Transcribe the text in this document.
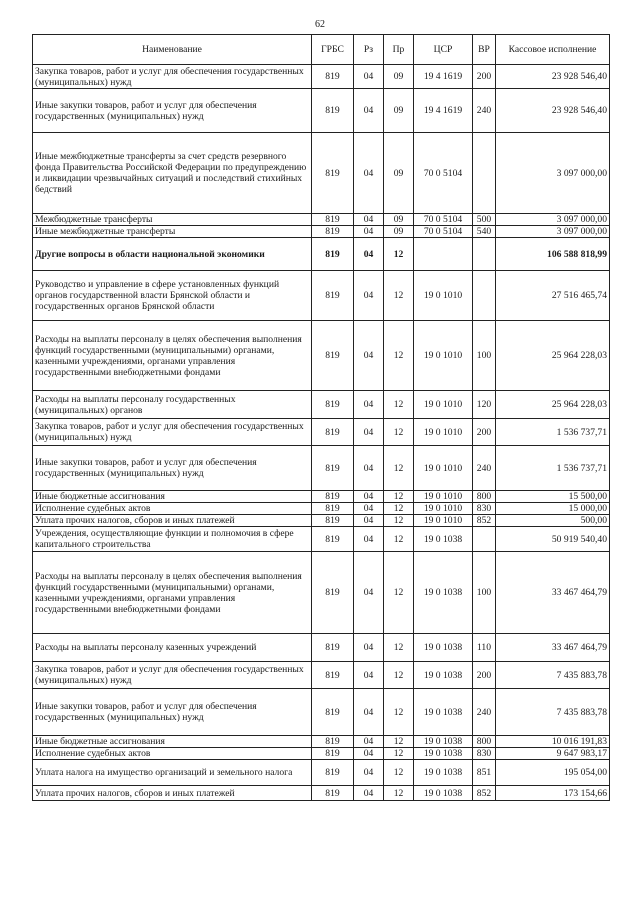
62
Наименование	ГРБС	Рз	Пр	ЦСР	ВР	Кассовое исполнение
Закупка товаров, работ и услуг для обеспечения государственных (муниципальных) нужд	819	04	09	19 4 1619	200	23 928 546,40
Иные закупки товаров, работ и услуг для обеспечения государственных (муниципальных) нужд	819	04	09	19 4 1619	240	23 928 546,40
Иные межбюджетные трансферты за счет средств резервного фонда Правительства Российской Федерации по предупреждению и ликвидации чрезвычайных ситуаций и последствий стихийных бедствий	819	04	09	70 0 5104		3 097 000,00
Межбюджетные трансферты	819	04	09	70 0 5104	500	3 097 000,00
Иные межбюджетные трансферты	819	04	09	70 0 5104	540	3 097 000,00
Другие вопросы в области национальной экономики	819	04	12			106 588 818,99
Руководство и управление в сфере установленных функций органов государственной власти Брянской области и государственных органов Брянской области	819	04	12	19 0 1010		27 516 465,74
Расходы на выплаты персоналу в целях обеспечения выполнения функций государственными (муниципальными) органами, казенными учреждениями, органами управления государственными внебюджетными фондами	819	04	12	19 0 1010	100	25 964 228,03
Расходы на выплаты персоналу государственных (муниципальных) органов	819	04	12	19 0 1010	120	25 964 228,03
Закупка товаров, работ и услуг для обеспечения государственных (муниципальных) нужд	819	04	12	19 0 1010	200	1 536 737,71
Иные закупки товаров, работ и услуг для обеспечения государственных (муниципальных) нужд	819	04	12	19 0 1010	240	1 536 737,71
Иные бюджетные ассигнования	819	04	12	19 0 1010	800	15 500,00
Исполнение судебных актов	819	04	12	19 0 1010	830	15 000,00
Уплата прочих налогов, сборов и иных платежей	819	04	12	19 0 1010	852	500,00
Учреждения, осуществляющие функции и полномочия в сфере капитального строительства	819	04	12	19 0 1038		50 919 540,40
Расходы на выплаты персоналу в целях обеспечения выполнения функций государственными (муниципальными) органами, казенными учреждениями, органами управления государственными внебюджетными фондами	819	04	12	19 0 1038	100	33 467 464,79
Расходы на выплаты персоналу казенных учреждений	819	04	12	19 0 1038	110	33 467 464,79
Закупка товаров, работ и услуг для обеспечения государственных (муниципальных) нужд	819	04	12	19 0 1038	200	7 435 883,78
Иные закупки товаров, работ и услуг для обеспечения государственных (муниципальных) нужд	819	04	12	19 0 1038	240	7 435 883,78
Иные бюджетные ассигнования	819	04	12	19 0 1038	800	10 016 191,83
Исполнение судебных актов	819	04	12	19 0 1038	830	9 647 983,17
Уплата налога на имущество организаций и земельного налога	819	04	12	19 0 1038	851	195 054,00
Уплата прочих налогов, сборов и иных платежей	819	04	12	19 0 1038	852	173 154,66
